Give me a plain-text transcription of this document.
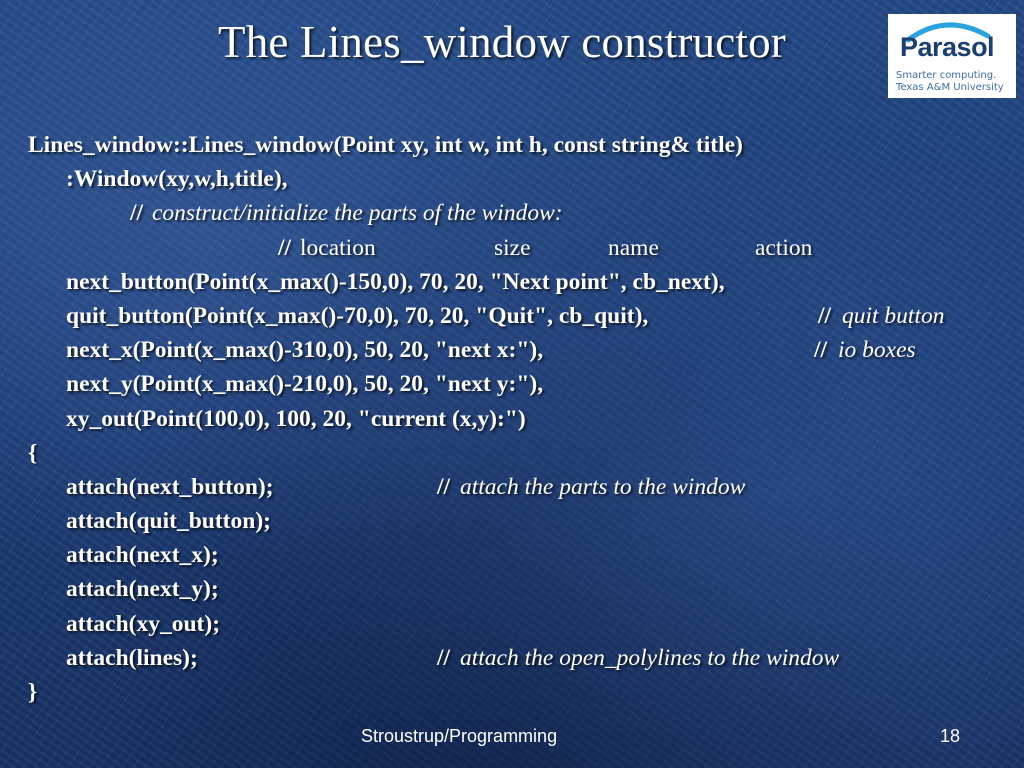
The Lines_window constructor	Parasol
Smarter computing.
Texas A&M University
Lines_window::Lines_window(Point xy, int w, int h, const string& title)
:Window(xy,w,h,title),
// construct/initialize the parts of the window:
// location	size	name	action
next_button(Point(x_max()-150,0), 70, 20, "Next point", cb_next),
quit_button(Point(x_max()-70,0), 70, 20, "Quit", cb_quit),	// quit button
next_x(Point(x_max()-310,0), 50, 20, "next x:"),	// io boxes
next_y(Point(x_max()-210,0), 50, 20, "next y:"),
xy_out(Point(100,0), 100, 20, "current (x,y):")
{
attach(next_button);	// attach the parts to the window
attach(quit_button);
attach(next_x);
attach(next_y);
attach(xy_out);
attach(lines);	// attach the open_polylines to the window
}
Stroustrup/Programming	18
